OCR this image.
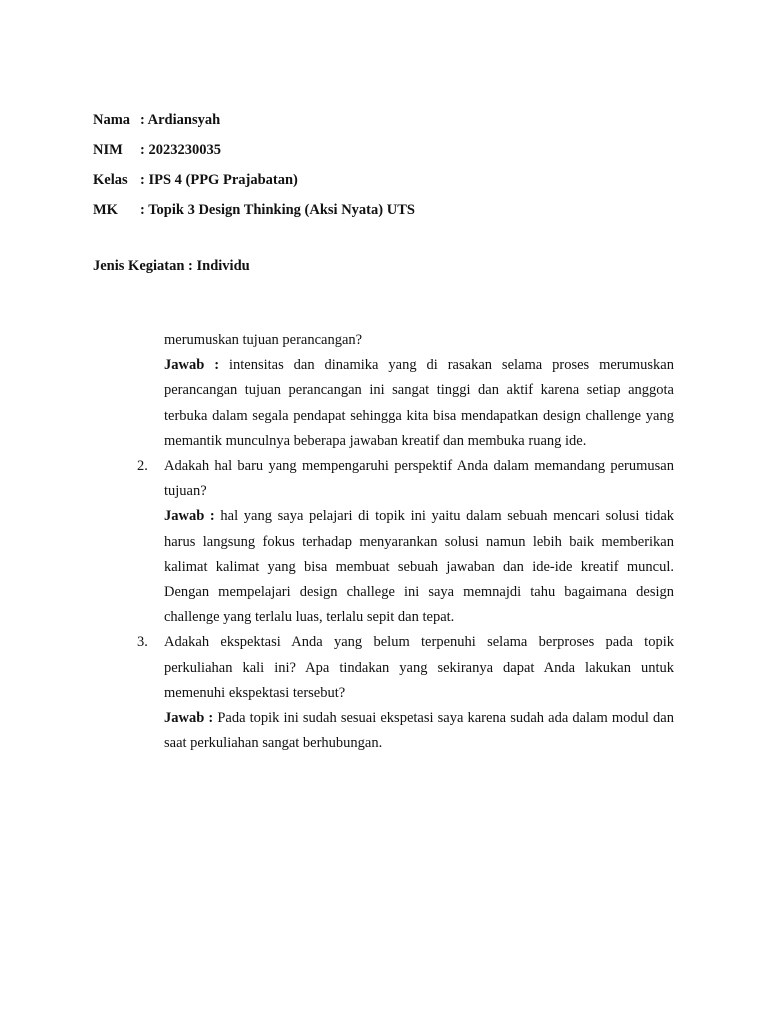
Nama : Ardiansyah
NIM	: 2023230035
Kelas : IPS 4 (PPG Prajabatan)
MK	: Topik 3 Design Thinking (Aksi Nyata) UTS
Jenis Kegiatan : Individu

merumuskan tujuan perancangan?

Jawab : intensitas dan dinamika yang di rasakan selama proses merumuskan perancangan tujuan perancangan ini sangat tinggi dan aktif karena setiap anggota terbuka dalam segala pendapat sehingga kita bisa mendapatkan design challenge yang memantik munculnya beberapa jawaban kreatif dan membuka ruang ide.

2. Adakah hal baru yang mempengaruhi perspektif Anda dalam memandang perumusan tujuan?

Jawab : hal yang saya pelajari di topik ini yaitu dalam sebuah mencari solusi tidak harus langsung fokus terhadap menyarankan solusi namun lebih baik memberikan kalimat kalimat yang bisa membuat sebuah jawaban dan ide-ide kreatif muncul. Dengan mempelajari design challege ini saya memnajdi tahu bagaimana design challenge yang terlalu luas, terlalu sepit dan tepat.

3. Adakah ekspektasi Anda yang belum terpenuhi selama berproses pada topik perkuliahan kali ini? Apa tindakan yang sekiranya dapat Anda lakukan untuk memenuhi ekspektasi tersebut?

Jawab : Pada topik ini sudah sesuai ekspetasi saya karena sudah ada dalam modul dan saat perkuliahan sangat berhubungan.
